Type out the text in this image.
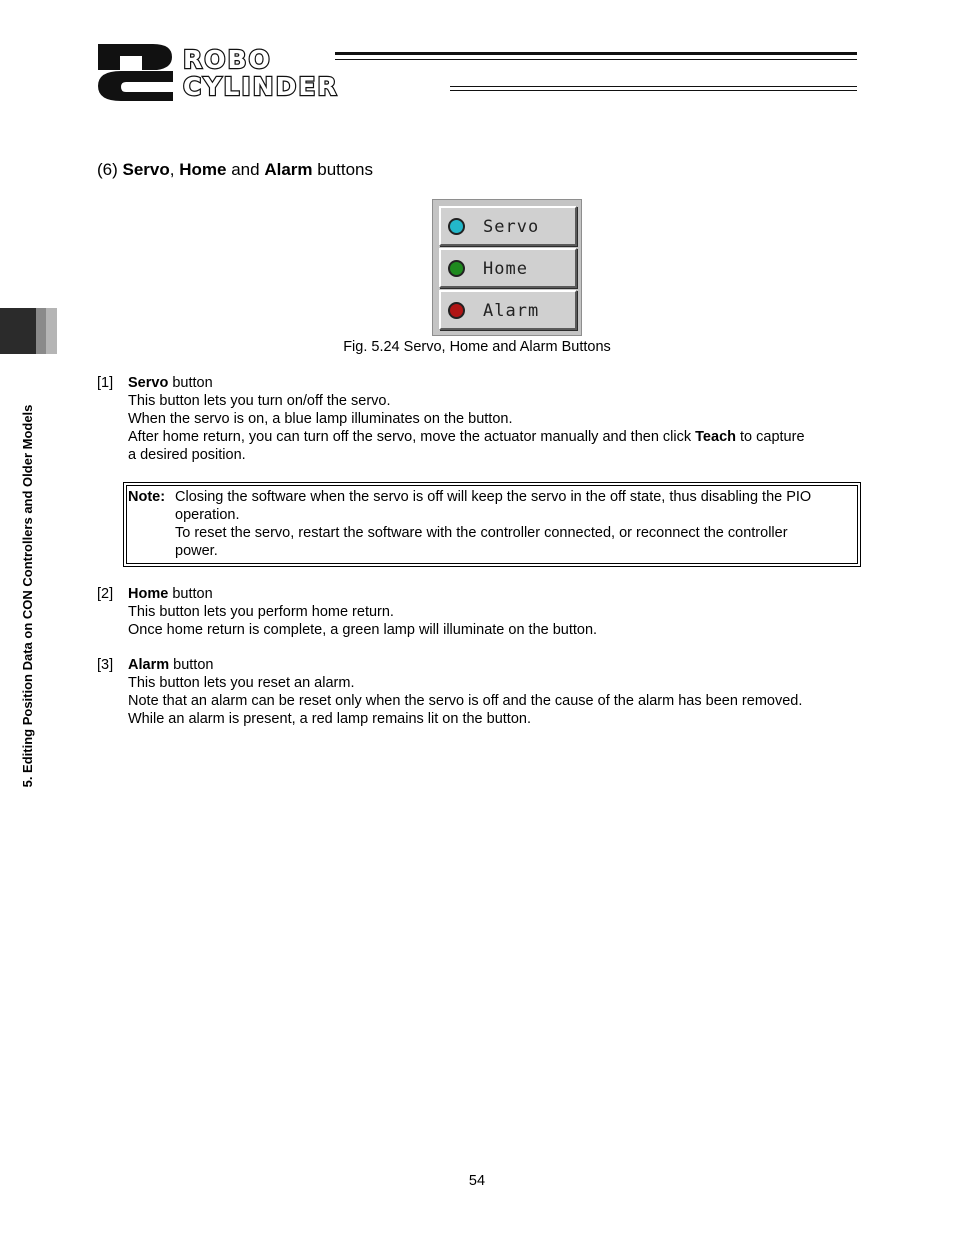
ROBO
CYLINDER
5. Editing Position Data on CON Controllers and Older Models
(6) Servo, Home and Alarm buttons
Servo
Home
Alarm
Fig. 5.24 Servo, Home and Alarm Buttons
[1] Servo button
This button lets you turn on/off the servo.
When the servo is on, a blue lamp illuminates on the button.
After home return, you can turn off the servo, move the actuator manually and then click Teach to capture
a desired position.
Note: Closing the software when the servo is off will keep the servo in the off state, thus disabling the PIO
operation.
To reset the servo, restart the software with the controller connected, or reconnect the controller
power.
[2] Home button
This button lets you perform home return.
Once home return is complete, a green lamp will illuminate on the button.
[3] Alarm button
This button lets you reset an alarm.
Note that an alarm can be reset only when the servo is off and the cause of the alarm has been removed.
While an alarm is present, a red lamp remains lit on the button.
54
